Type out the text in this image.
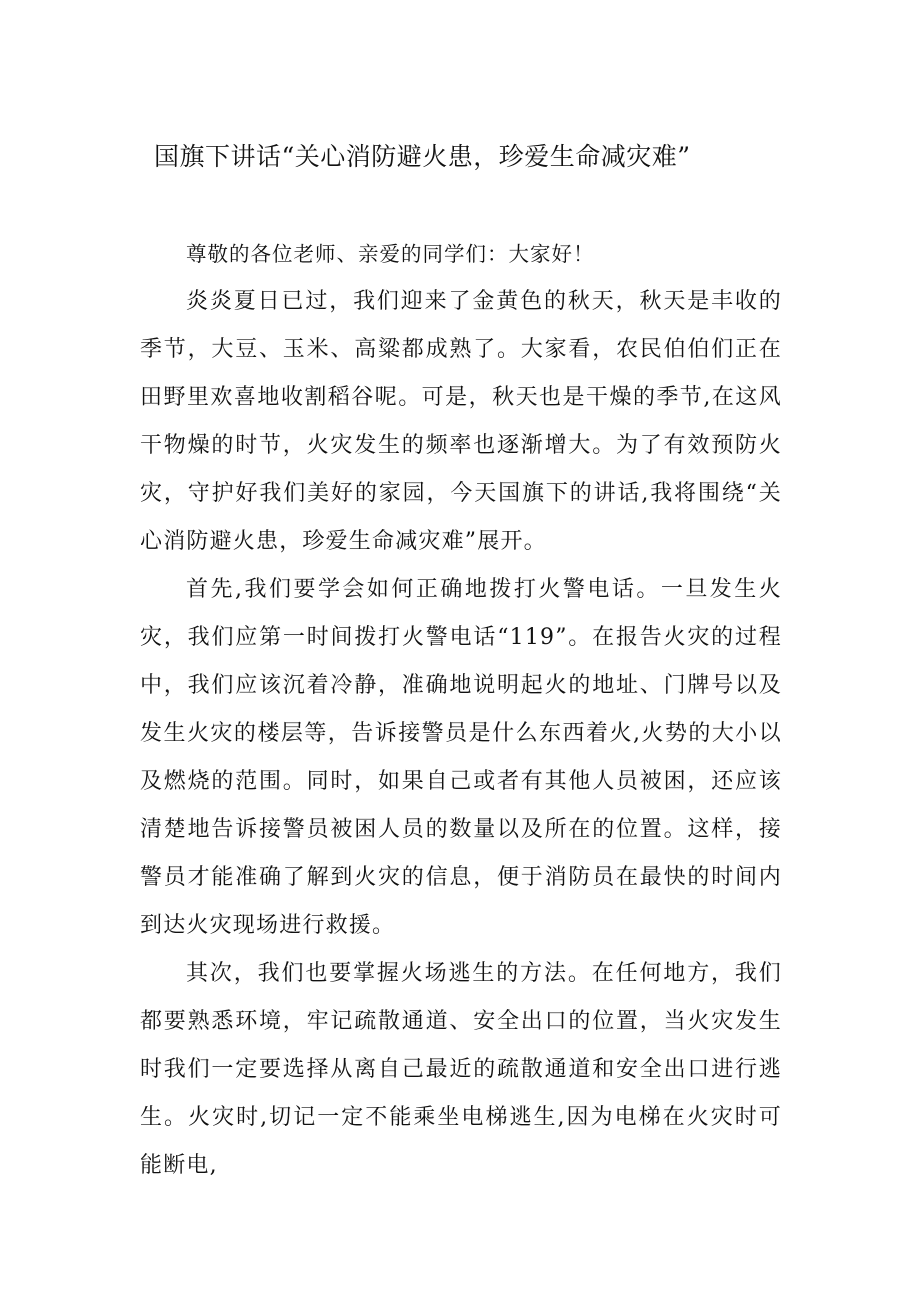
国旗下讲话“关心消防避火患，珍爱生命减灾难”

尊敬的各位老师、亲爱的同学们：大家好！

炎炎夏日已过，我们迎来了金黄色的秋天，秋天是丰收的季节，大豆、玉米、高粱都成熟了。大家看，农民伯伯们正在田野里欢喜地收割稻谷呢。可是，秋天也是干燥的季节,在这风干物燥的时节，火灾发生的频率也逐渐增大。为了有效预防火灾，守护好我们美好的家园，今天国旗下的讲话,我将围绕“关心消防避火患，珍爱生命减灾难”展开。

首先,我们要学会如何正确地拨打火警电话。一旦发生火灾，我们应第一时间拨打火警电话“119”。在报告火灾的过程中，我们应该沉着冷静，准确地说明起火的地址、门牌号以及发生火灾的楼层等，告诉接警员是什么东西着火,火势的大小以及燃烧的范围。同时，如果自己或者有其他人员被困，还应该清楚地告诉接警员被困人员的数量以及所在的位置。这样，接警员才能准确了解到火灾的信息，便于消防员在最快的时间内到达火灾现场进行救援。

其次，我们也要掌握火场逃生的方法。在任何地方，我们都要熟悉环境，牢记疏散通道、安全出口的位置，当火灾发生时我们一定要选择从离自己最近的疏散通道和安全出口进行逃生。火灾时,切记一定不能乘坐电梯逃生,因为电梯在火灾时可能断电,
